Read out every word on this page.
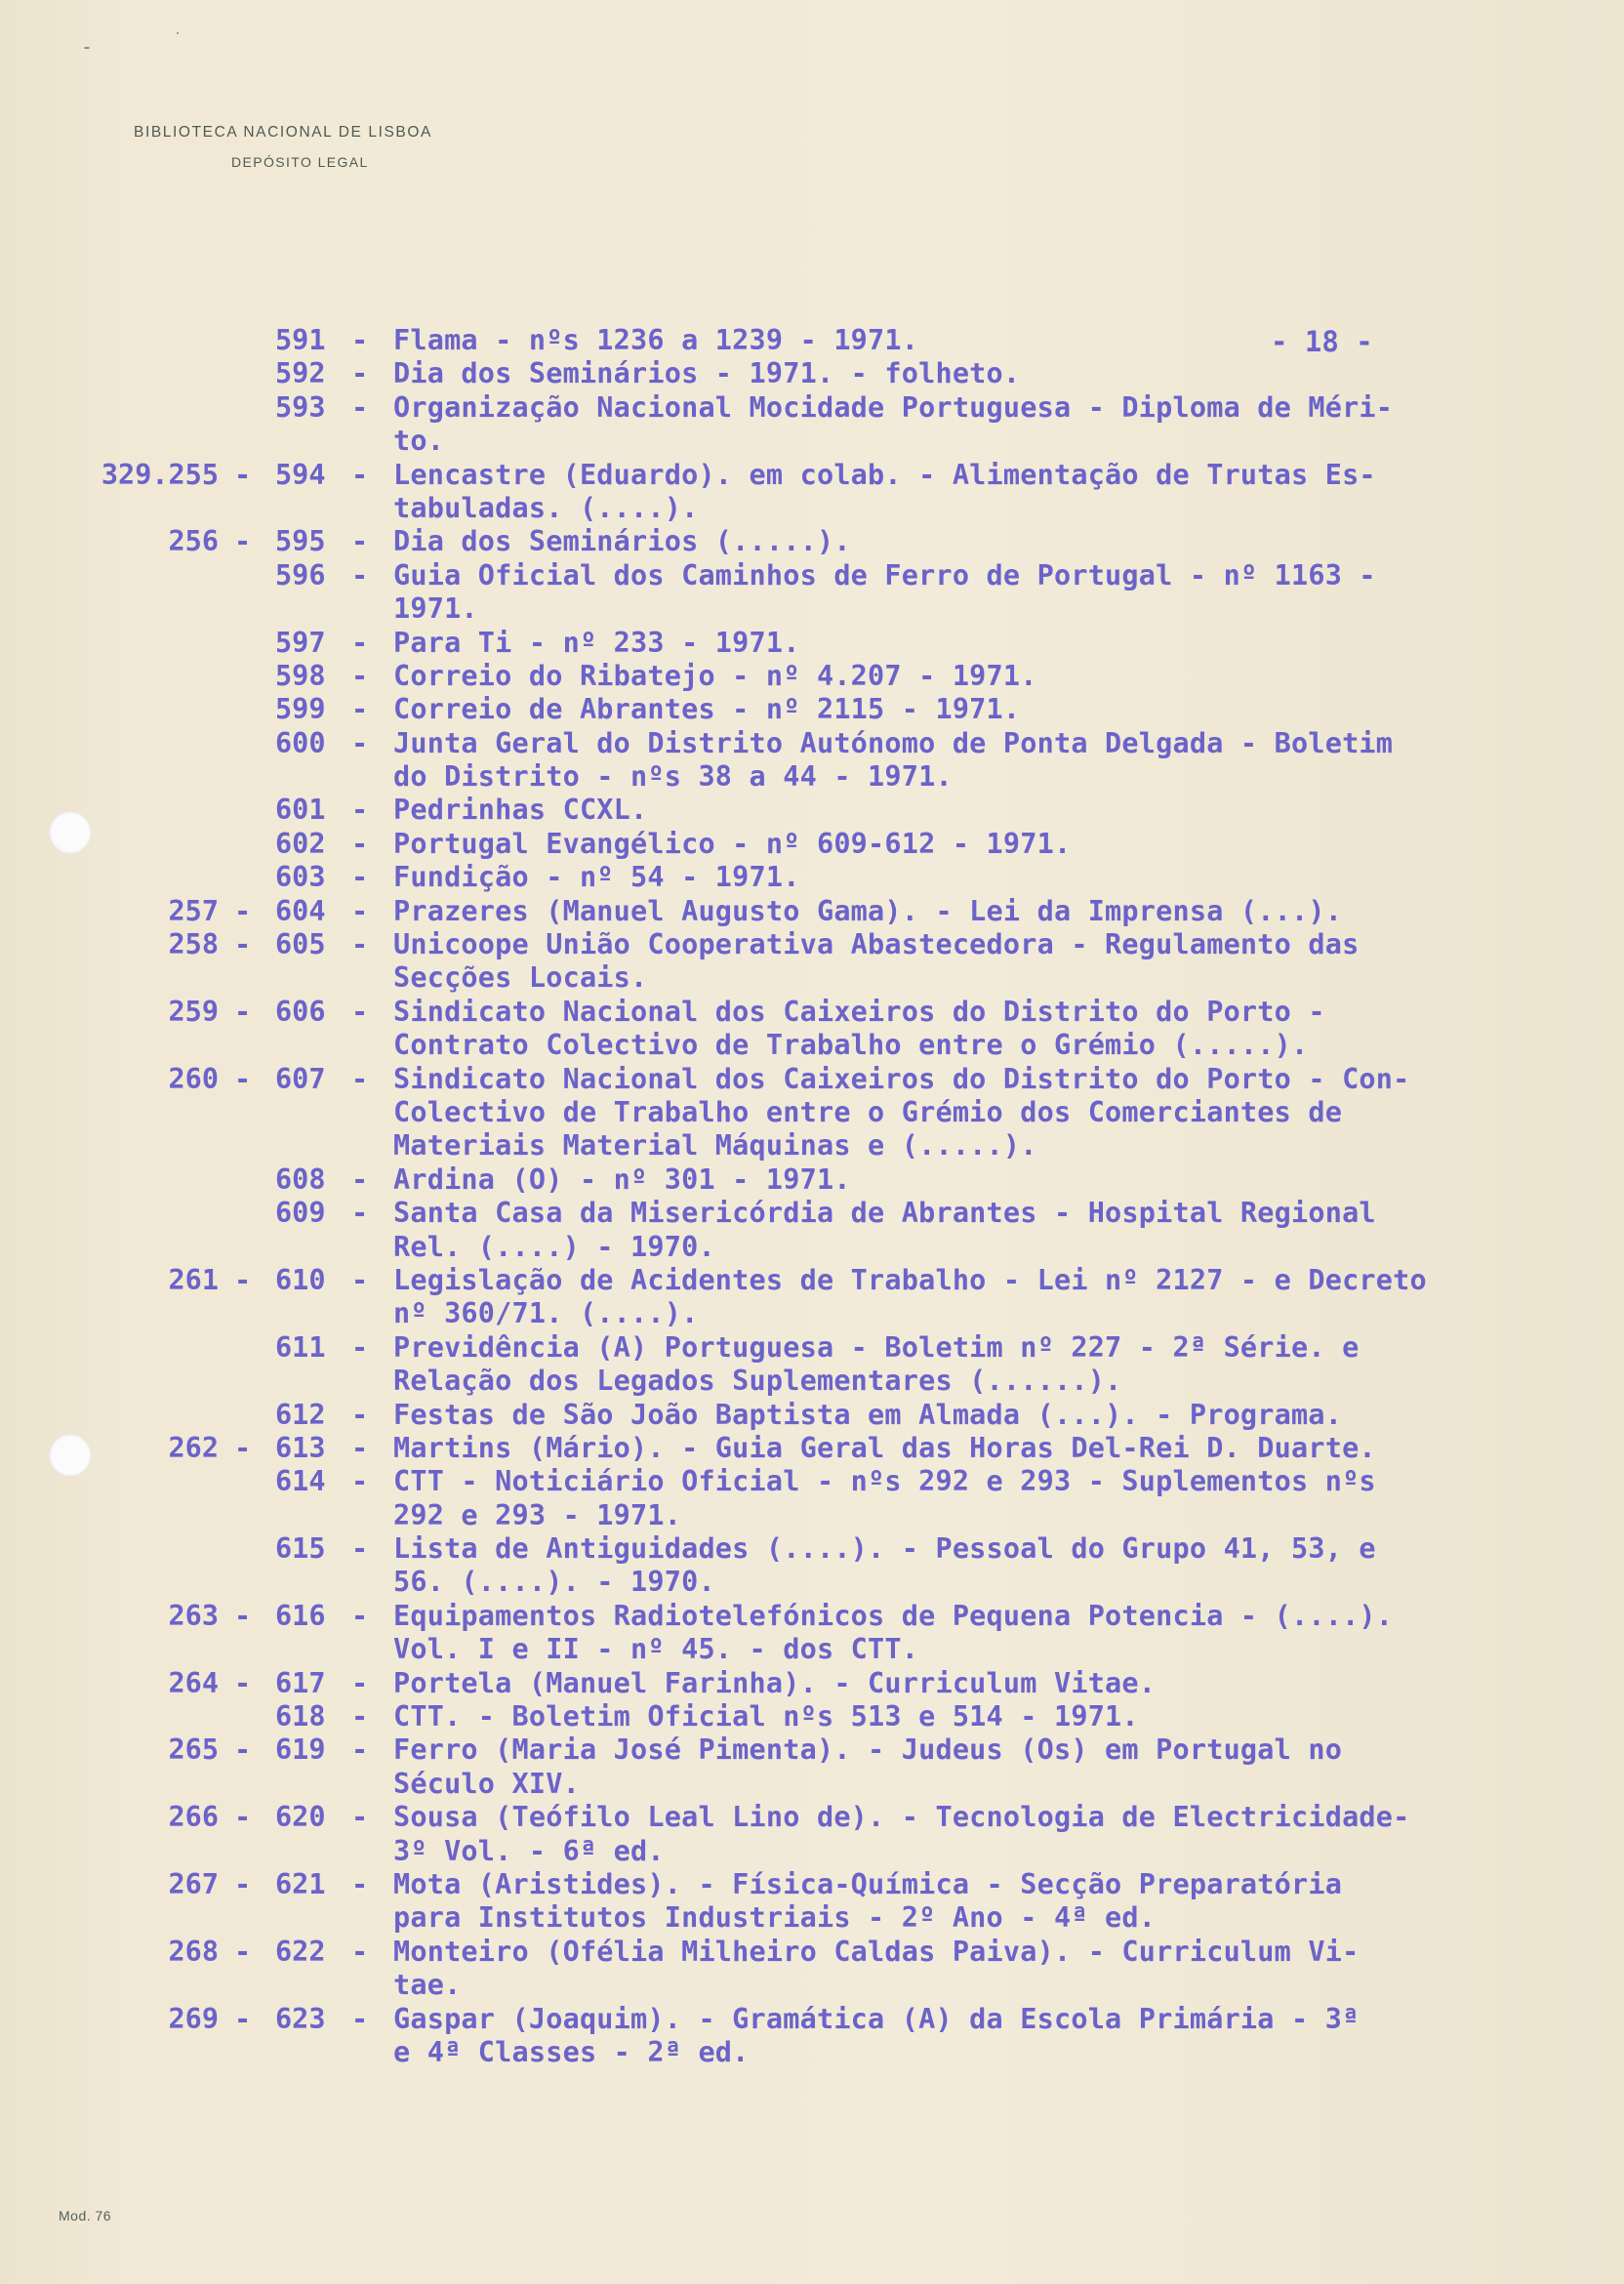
BIBLIOTECA NACIONAL DE LISBOA
DEPÓSITO LEGAL
- 18 -
591 - Flama - nºs 1236 a 1239 - 1971.
592 - Dia dos Seminários - 1971. - folheto.
593 - Organização Nacional Mocidade Portuguesa - Diploma de Méri-
to.
329.255 - 594 - Lencastre (Eduardo). em colab. - Alimentação de Trutas Es-
tabuladas. (....).
256 - 595 - Dia dos Seminários (.....).
596 - Guia Oficial dos Caminhos de Ferro de Portugal - nº 1163 -
1971.
597 - Para Ti - nº 233 - 1971.
598 - Correio do Ribatejo - nº 4.207 - 1971.
599 - Correio de Abrantes - nº 2115 - 1971.
600 - Junta Geral do Distrito Autónomo de Ponta Delgada - Boletim
do Distrito - nºs 38 a 44 - 1971.
601 - Pedrinhas CCXL.
602 - Portugal Evangélico - nº 609-612 - 1971.
603 - Fundição - nº 54 - 1971.
257 - 604 - Prazeres (Manuel Augusto Gama). - Lei da Imprensa (...).
258 - 605 - Unicoope União Cooperativa Abastecedora - Regulamento das
Secções Locais.
259 - 606 - Sindicato Nacional dos Caixeiros do Distrito do Porto -
Contrato Colectivo de Trabalho entre o Grémio (.....).
260 - 607 - Sindicato Nacional dos Caixeiros do Distrito do Porto - Con-
Colectivo de Trabalho entre o Grémio dos Comerciantes de
Materiais Material Máquinas e (.....).
608 - Ardina (O) - nº 301 - 1971.
609 - Santa Casa da Misericórdia de Abrantes - Hospital Regional
Rel. (....) - 1970.
261 - 610 - Legislação de Acidentes de Trabalho - Lei nº 2127 - e Decreto
nº 360/71. (....).
611 - Previdência (A) Portuguesa - Boletim nº 227 - 2ª Série. e
Relação dos Legados Suplementares (......).
612 - Festas de São João Baptista em Almada (...). - Programa.
262 - 613 - Martins (Mário). - Guia Geral das Horas Del-Rei D. Duarte.
614 - CTT - Noticiário Oficial - nºs 292 e 293 - Suplementos nºs
292 e 293 - 1971.
615 - Lista de Antiguidades (....). - Pessoal do Grupo 41, 53, e
56. (....). - 1970.
263 - 616 - Equipamentos Radiotelefónicos de Pequena Potencia - (....).
Vol. I e II - nº 45. - dos CTT.
264 - 617 - Portela (Manuel Farinha). - Curriculum Vitae.
618 - CTT. - Boletim Oficial nºs 513 e 514 - 1971.
265 - 619 - Ferro (Maria José Pimenta). - Judeus (Os) em Portugal no
Século XIV.
266 - 620 - Sousa (Teófilo Leal Lino de). - Tecnologia de Electricidade-
3º Vol. - 6ª ed.
267 - 621 - Mota (Aristides). - Física-Química - Secção Preparatória
para Institutos Industriais - 2º Ano - 4ª ed.
268 - 622 - Monteiro (Ofélia Milheiro Caldas Paiva). - Curriculum Vi-
tae.
269 - 623 - Gaspar (Joaquim). - Gramática (A) da Escola Primária - 3ª
e 4ª Classes - 2ª ed.
Mod. 76
